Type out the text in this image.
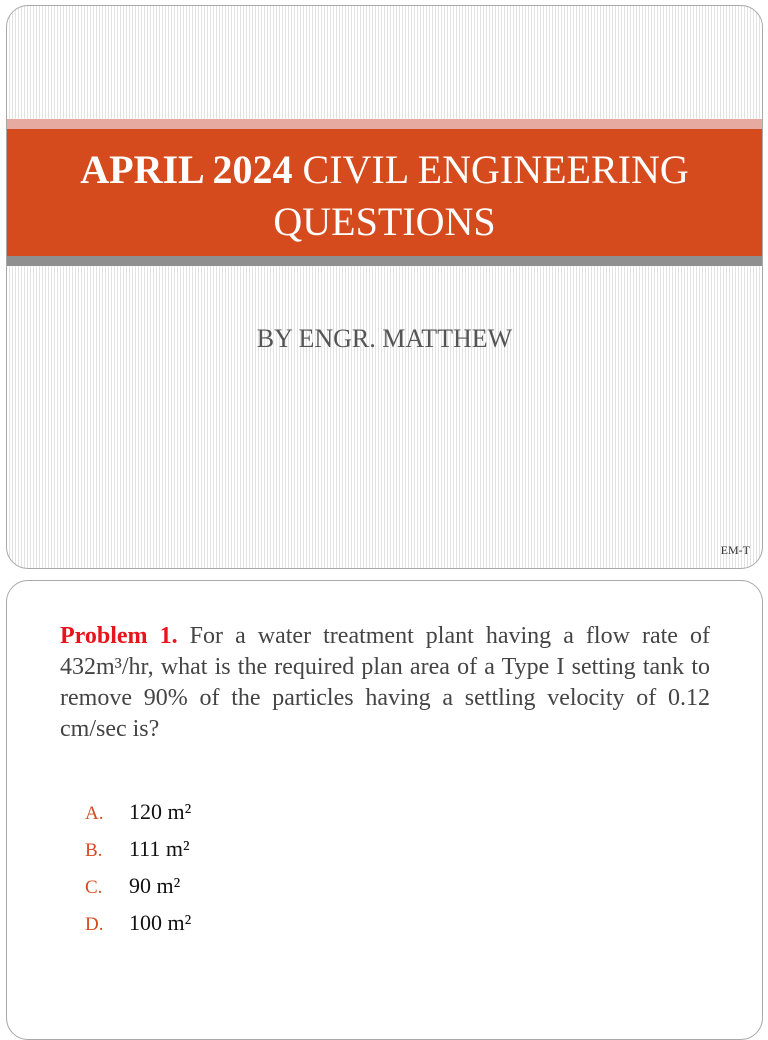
APRIL 2024 CIVIL ENGINEERING QUESTIONS
BY ENGR. MATTHEW
EM-T
Problem 1. For a water treatment plant having a flow rate of 432m³/hr, what is the required plan area of a Type I setting tank to remove 90% of the particles having a settling velocity of 0.12 cm/sec is?
A.	120 m²
B.	111 m²
C.	90 m²
D.	100 m²
